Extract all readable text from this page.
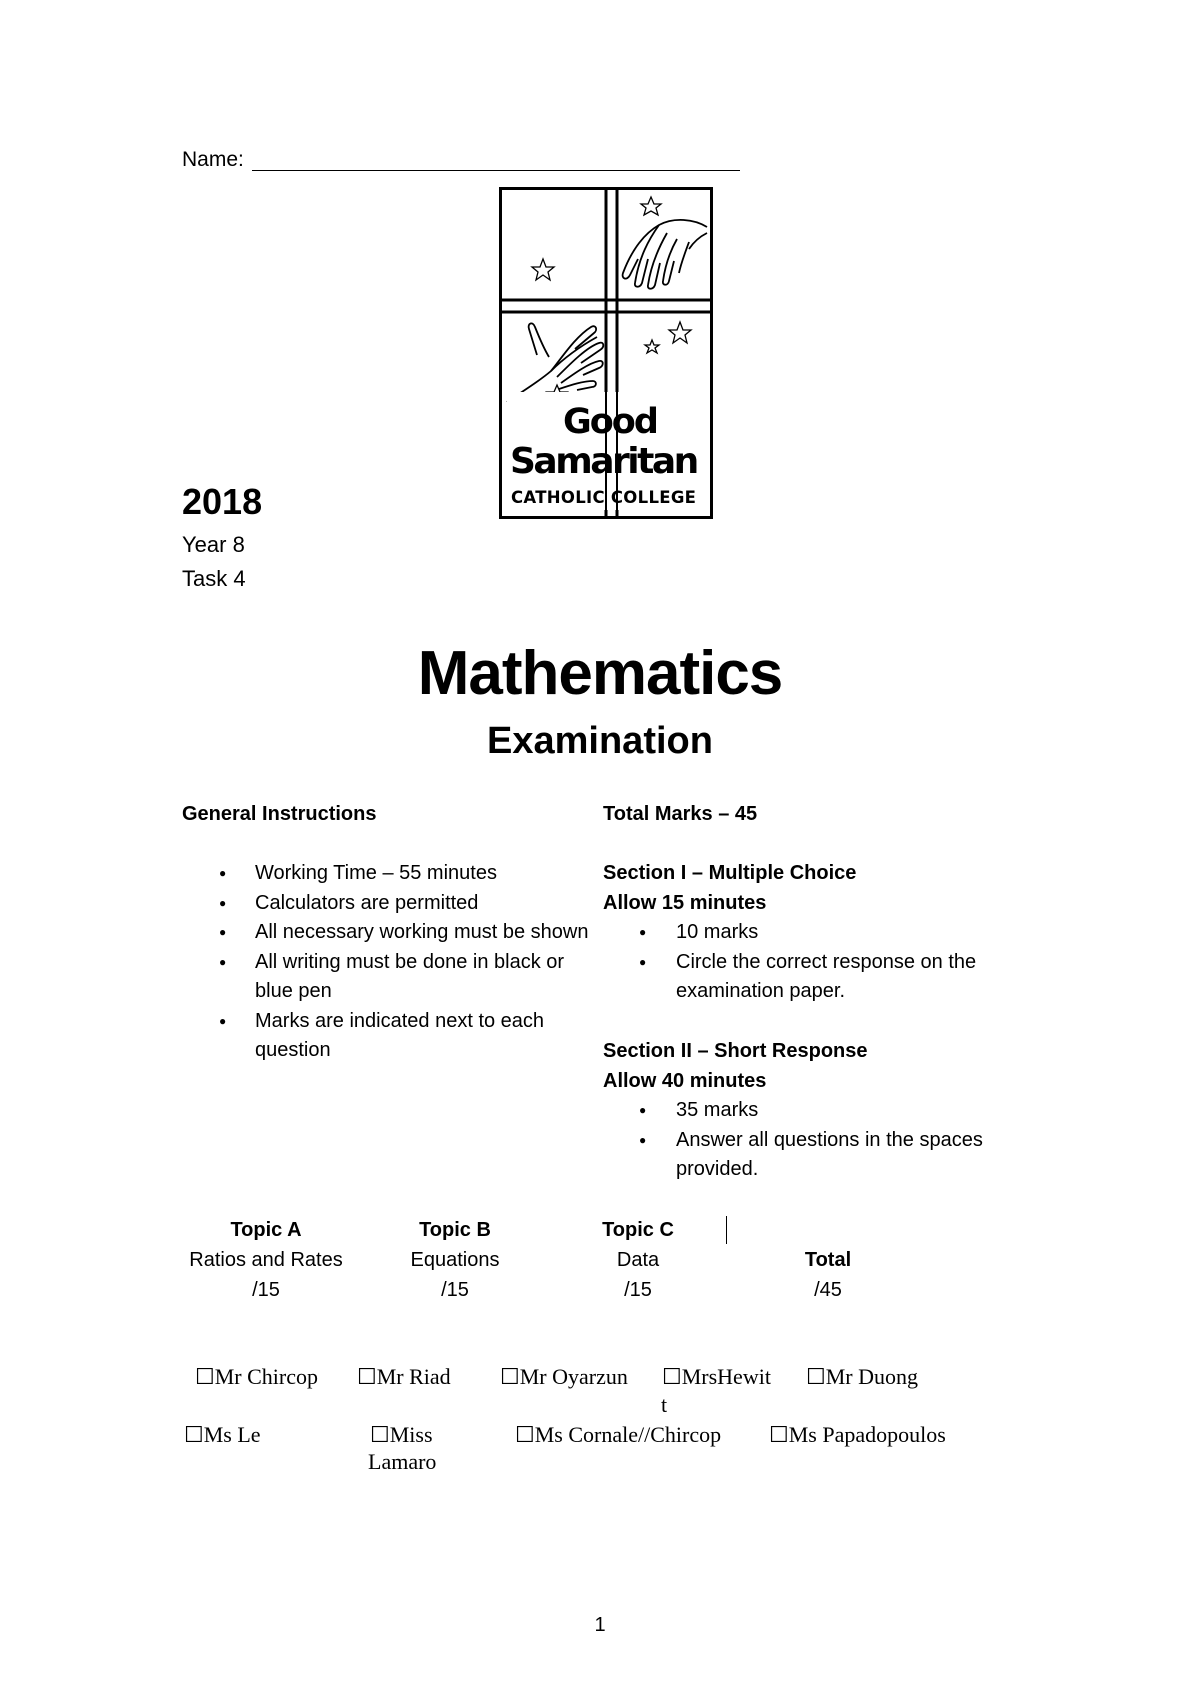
Name:
Good
Samaritan
CATHOLIC COLLEGE
2018
Year 8
Task 4
Mathematics
Examination
General Instructions
● Working Time – 55 minutes
● Calculators are permitted
● All necessary working must be shown
● All writing must be done in black or blue pen
● Marks are indicated next to each question
Total Marks – 45
Section I – Multiple Choice
Allow 15 minutes
● 10 marks
● Circle the correct response on the examination paper.
Section II – Short Response
Allow 40 minutes
● 35 marks
● Answer all questions in the spaces provided.
Topic A
Ratios and Rates
/15
Topic B
Equations
/15
Topic C
Data
/15

Total
/45
☐Mr Chircop ☐Mr Riad ☐Mr Oyarzun ☐MrsHewit
t
☐Mr Duong
☐Ms Le	☐Miss
Lamaro
☐Ms Cornale//Chircop ☐Ms Papadopoulos
1
